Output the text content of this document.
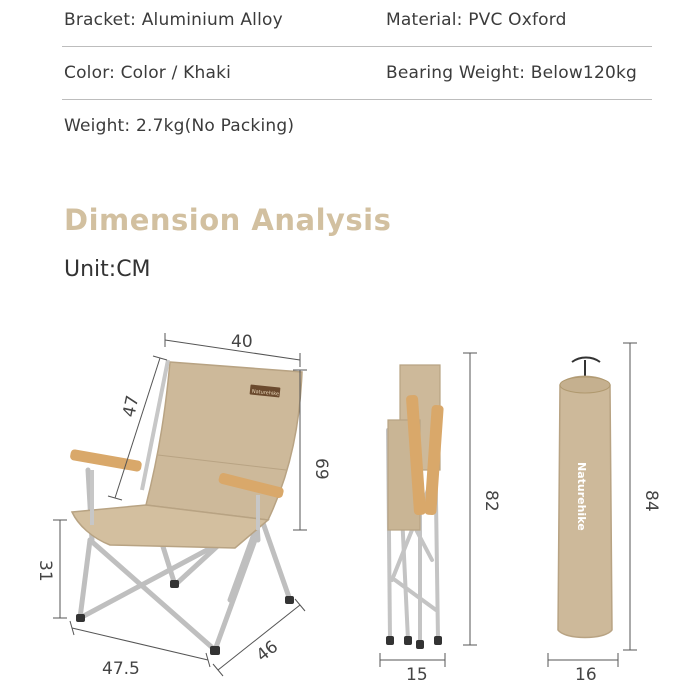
Bracket: Aluminium Alloy	Material: PVC Oxford
Color: Color / Khaki	Bearing Weight: Below120kg
Weight: 2.7kg(No Packing)
Dimension Analysis
Unit:CM
Naturehike
Naturehike
40
47
69
31
47.5
46
82
15
84
16
